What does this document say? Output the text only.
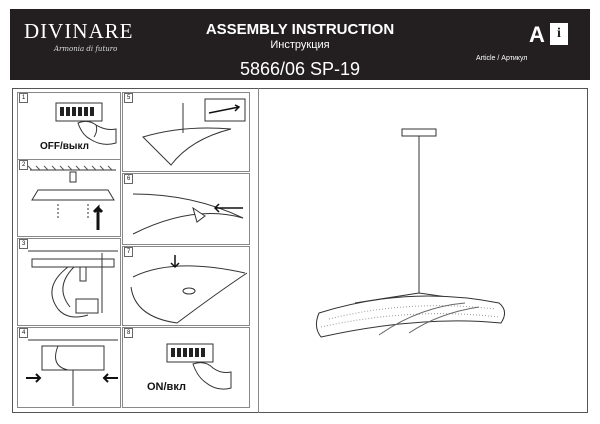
DIVINARE
Armonia di futuro
ASSEMBLY INSTRUCTION
Инструкция
5866/06 SP-19
A i
Article / Артикул
1
OFF/выкл
2
3
4
5
6
7
8
ON/вкл
